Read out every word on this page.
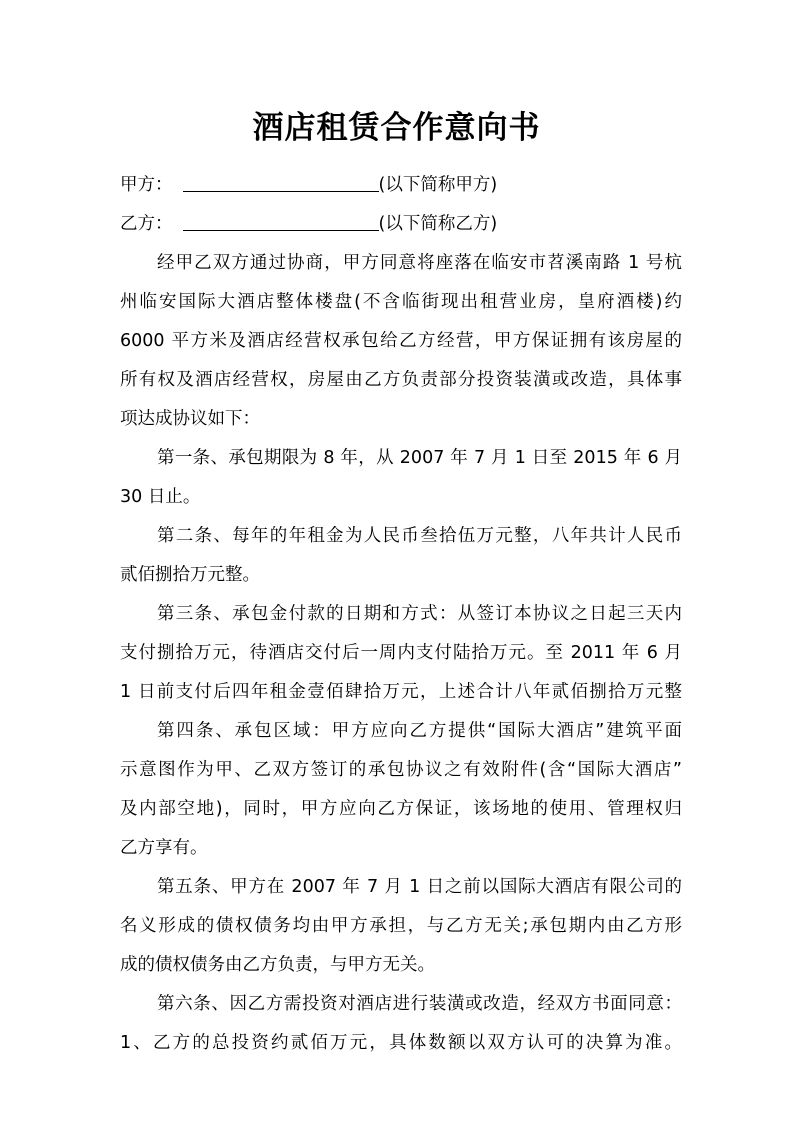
酒店租赁合作意向书
甲方：	(以下简称甲方)
乙方：	(以下简称乙方)
经甲乙双方通过协商，甲方同意将座落在临安市苕溪南路 1 号杭
州临安国际大酒店整体楼盘(不含临街现出租营业房，皇府酒楼)约
6000 平方米及酒店经营权承包给乙方经营，甲方保证拥有该房屋的
所有权及酒店经营权，房屋由乙方负责部分投资装潢或改造，具体事
项达成协议如下：
第一条、承包期限为 8 年，从 2007 年 7 月 1 日至 2015 年 6 月
30 日止。
第二条、每年的年租金为人民币叁拾伍万元整，八年共计人民币
贰佰捌拾万元整。
第三条、承包金付款的日期和方式：从签订本协议之日起三天内
支付捌拾万元，待酒店交付后一周内支付陆拾万元。至 2011 年 6 月
1 日前支付后四年租金壹佰肆拾万元，上述合计八年贰佰捌拾万元整
第四条、承包区域：甲方应向乙方提供“国际大酒店”建筑平面
示意图作为甲、乙双方签订的承包协议之有效附件(含“国际大酒店”
及内部空地)，同时，甲方应向乙方保证，该场地的使用、管理权归
乙方享有。
第五条、甲方在 2007 年 7 月 1 日之前以国际大酒店有限公司的
名义形成的债权债务均由甲方承担，与乙方无关;承包期内由乙方形
成的债权债务由乙方负责，与甲方无关。
第六条、因乙方需投资对酒店进行装潢或改造，经双方书面同意：
1、乙方的总投资约贰佰万元，具体数额以双方认可的决算为准。
